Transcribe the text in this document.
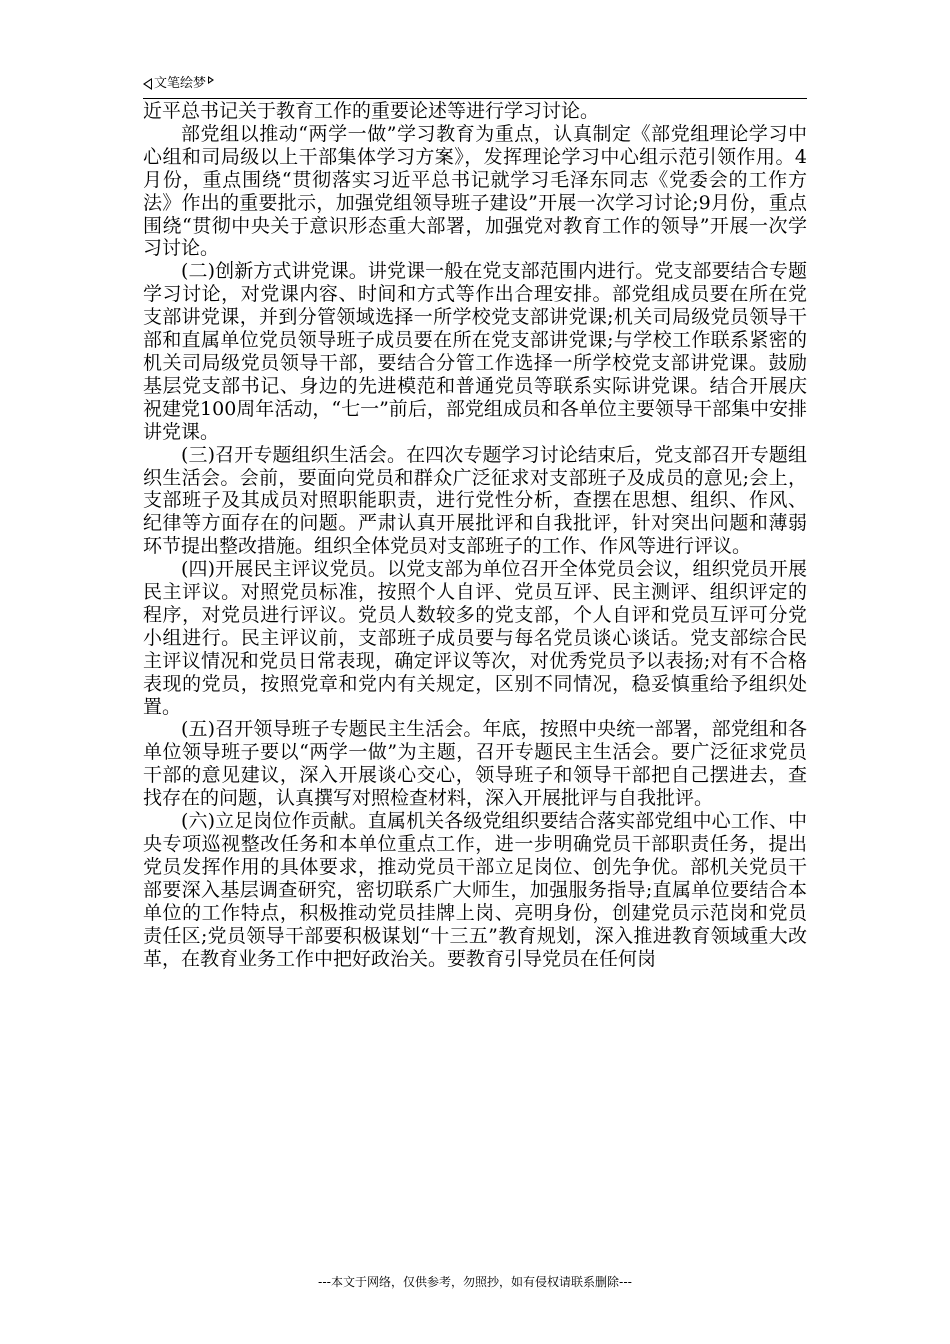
文笔绘梦

近平总书记关于教育工作的重要论述等进行学习讨论。

部党组以推动“两学一做”学习教育为重点，认真制定《部党组理论学习中心组和司局级以上干部集体学习方案》，发挥理论学习中心组示范引领作用。4月份，重点围绕“贯彻落实习近平总书记就学习毛泽东同志《党委会的工作方法》作出的重要批示，加强党组领导班子建设”开展一次学习讨论;9月份，重点围绕“贯彻中央关于意识形态重大部署，加强党对教育工作的领导”开展一次学习讨论。

(二)创新方式讲党课。讲党课一般在党支部范围内进行。党支部要结合专题学习讨论，对党课内容、时间和方式等作出合理安排。部党组成员要在所在党支部讲党课，并到分管领域选择一所学校党支部讲党课;机关司局级党员领导干部和直属单位党员领导班子成员要在所在党支部讲党课;与学校工作联系紧密的机关司局级党员领导干部，要结合分管工作选择一所学校党支部讲党课。鼓励基层党支部书记、身边的先进模范和普通党员等联系实际讲党课。结合开展庆祝建党100周年活动，“七一”前后，部党组成员和各单位主要领导干部集中安排讲党课。

(三)召开专题组织生活会。在四次专题学习讨论结束后，党支部召开专题组织生活会。会前，要面向党员和群众广泛征求对支部班子及成员的意见;会上，支部班子及其成员对照职能职责，进行党性分析，查摆在思想、组织、作风、纪律等方面存在的问题。严肃认真开展批评和自我批评，针对突出问题和薄弱环节提出整改措施。组织全体党员对支部班子的工作、作风等进行评议。

(四)开展民主评议党员。以党支部为单位召开全体党员会议，组织党员开展民主评议。对照党员标准，按照个人自评、党员互评、民主测评、组织评定的程序，对党员进行评议。党员人数较多的党支部，个人自评和党员互评可分党小组进行。民主评议前，支部班子成员要与每名党员谈心谈话。党支部综合民主评议情况和党员日常表现，确定评议等次，对优秀党员予以表扬;对有不合格表现的党员，按照党章和党内有关规定，区别不同情况，稳妥慎重给予组织处置。

(五)召开领导班子专题民主生活会。年底，按照中央统一部署，部党组和各单位领导班子要以“两学一做”为主题，召开专题民主生活会。要广泛征求党员干部的意见建议，深入开展谈心交心，领导班子和领导干部把自己摆进去，查找存在的问题，认真撰写对照检查材料，深入开展批评与自我批评。

(六)立足岗位作贡献。直属机关各级党组织要结合落实部党组中心工作、中央专项巡视整改任务和本单位重点工作，进一步明确党员干部职责任务，提出党员发挥作用的具体要求，推动党员干部立足岗位、创先争优。部机关党员干部要深入基层调查研究，密切联系广大师生，加强服务指导;直属单位要结合本单位的工作特点，积极推动党员挂牌上岗、亮明身份，创建党员示范岗和党员责任区;党员领导干部要积极谋划“十三五”教育规划，深入推进教育领域重大改革，在教育业务工作中把好政治关。要教育引导党员在任何岗

---本文于网络，仅供参考，勿照抄，如有侵权请联系删除---
